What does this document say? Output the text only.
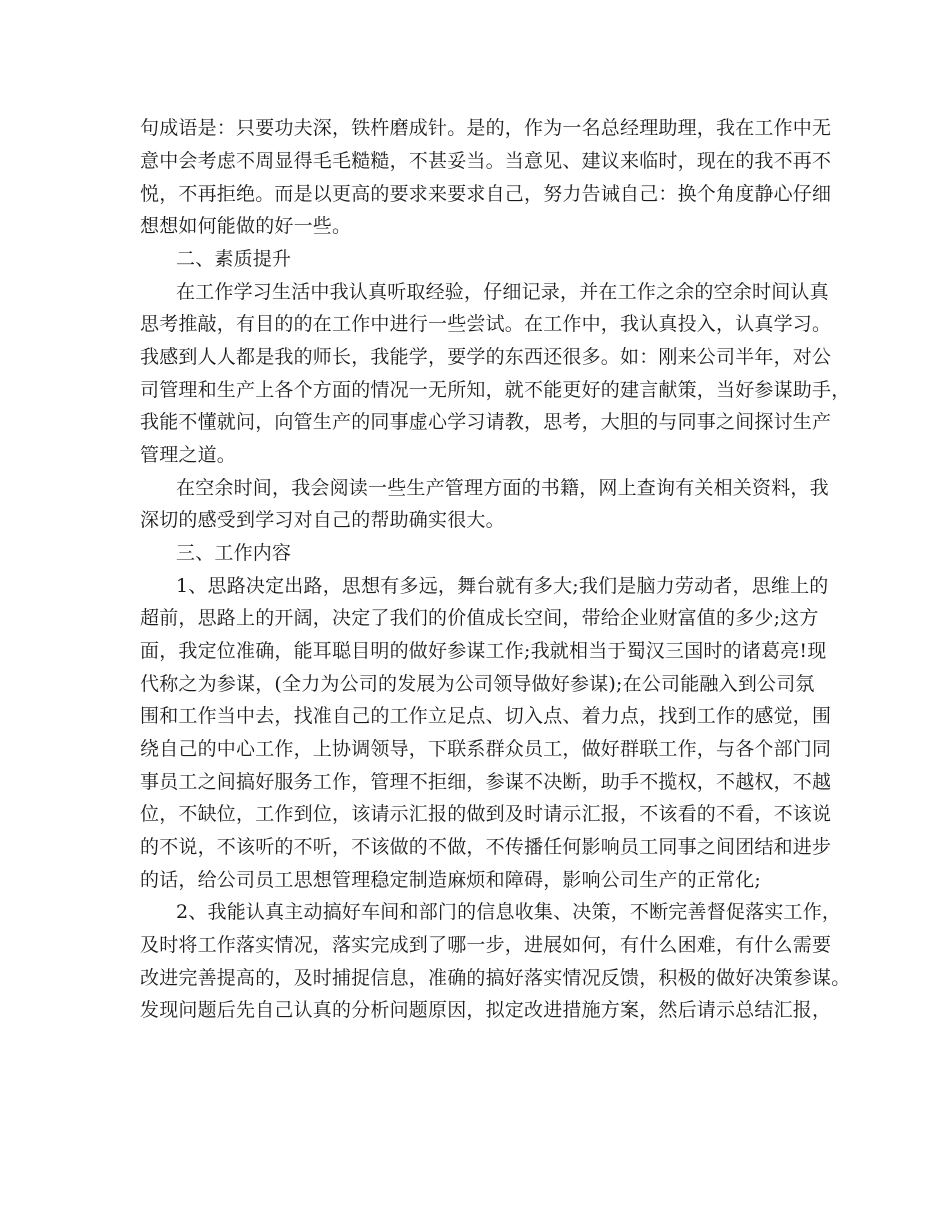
句成语是：只要功夫深，铁杵磨成针。是的，作为一名总经理助理，我在工作中无
意中会考虑不周显得毛毛糙糙，不甚妥当。当意见、建议来临时，现在的我不再不
悦，不再拒绝。而是以更高的要求来要求自己，努力告诫自己：换个角度静心仔细
想想如何能做的好一些。
二、素质提升
在工作学习生活中我认真听取经验，仔细记录，并在工作之余的空余时间认真
思考推敲，有目的的在工作中进行一些尝试。在工作中，我认真投入，认真学习。
我感到人人都是我的师长，我能学，要学的东西还很多。如：刚来公司半年，对公
司管理和生产上各个方面的情况一无所知，就不能更好的建言献策，当好参谋助手，
我能不懂就问，向管生产的同事虚心学习请教，思考，大胆的与同事之间探讨生产
管理之道。
在空余时间，我会阅读一些生产管理方面的书籍，网上查询有关相关资料，我
深切的感受到学习对自己的帮助确实很大。
三、工作内容
1、思路决定出路，思想有多远，舞台就有多大;我们是脑力劳动者，思维上的
超前，思路上的开阔，决定了我们的价值成长空间，带给企业财富值的多少;这方
面，我定位准确，能耳聪目明的做好参谋工作;我就相当于蜀汉三国时的诸葛亮!现
代称之为参谋，(全力为公司的发展为公司领导做好参谋);在公司能融入到公司氛
围和工作当中去，找准自己的工作立足点、切入点、着力点，找到工作的感觉，围
绕自己的中心工作，上协调领导，下联系群众员工，做好群联工作，与各个部门同
事员工之间搞好服务工作，管理不拒细，参谋不决断，助手不揽权，不越权，不越
位，不缺位，工作到位，该请示汇报的做到及时请示汇报，不该看的不看，不该说
的不说，不该听的不听，不该做的不做，不传播任何影响员工同事之间团结和进步
的话，给公司员工思想管理稳定制造麻烦和障碍，影响公司生产的正常化;
2、我能认真主动搞好车间和部门的信息收集、决策，不断完善督促落实工作，
及时将工作落实情况，落实完成到了哪一步，进展如何，有什么困难，有什么需要
改进完善提高的，及时捕捉信息，准确的搞好落实情况反馈，积极的做好决策参谋。
发现问题后先自己认真的分析问题原因，拟定改进措施方案，然后请示总结汇报，
